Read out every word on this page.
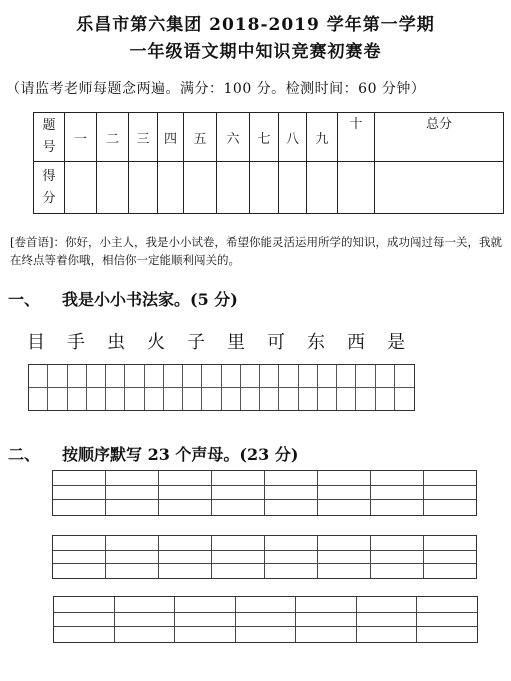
乐昌市第六集团 2018-2019 学年第一学期
一年级语文期中知识竞赛初赛卷
（请监考老师每题念两遍。满分：100 分。检测时间：60 分钟）
题号	一	二	三	四	五	六	七	八	九	十	总分
得分											
[卷首语]：你好，小主人，我是小小试卷，希望你能灵活运用所学的知识，成功闯过每一关，我就在终点等着你哦，相信你一定能顺利闯关的。
一、 我是小小书法家。(5 分)
目	手	虫	火	子	里	可	东	西	是
二、 按顺序默写 23 个声母。(23 分)
